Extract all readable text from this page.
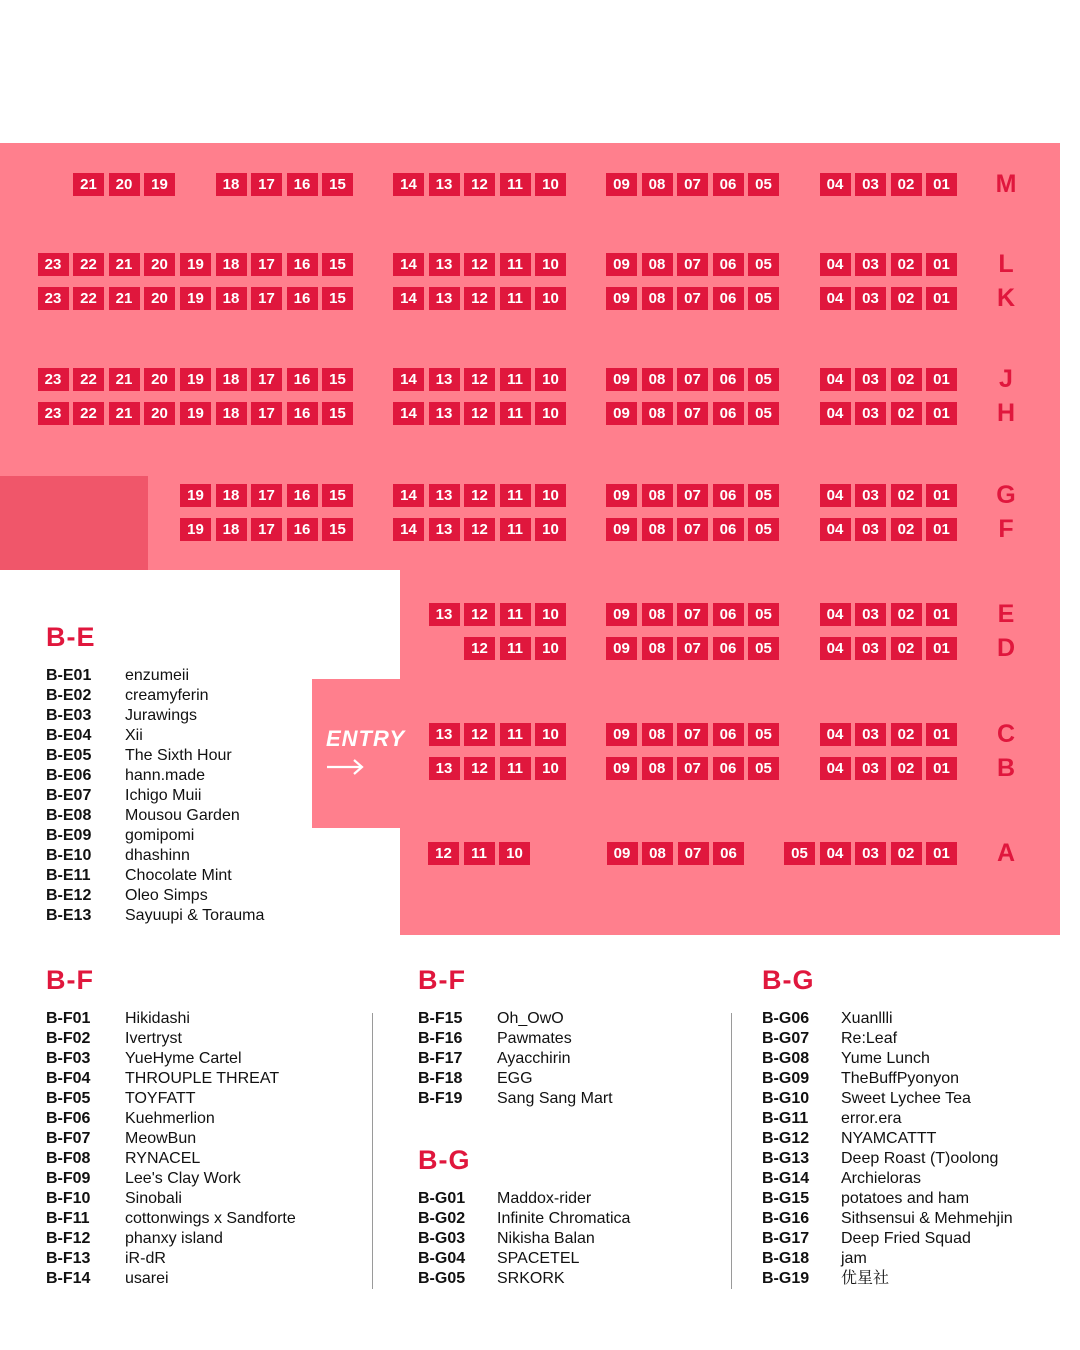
21	20	19	18	17	16	15	14	13	12	11	10	09	08	07	06	05	04	03	02	01	M
23	22	21	20	19	18	17	16	15	14	13	12	11	10	09	08	07	06	05	04	03	02	01	L
23	22	21	20	19	18	17	16	15	14	13	12	11	10	09	08	07	06	05	04	03	02	01	K
23	22	21	20	19	18	17	16	15	14	13	12	11	10	09	08	07	06	05	04	03	02	01	J
23	22	21	20	19	18	17	16	15	14	13	12	11	10	09	08	07	06	05	04	03	02	01	H
19	18	17	16	15	14	13	12	11	10	09	08	07	06	05	04	03	02	01	G
19	18	17	16	15	14	13	12	11	10	09	08	07	06	05	04	03	02	01	F
13	12	11	10	09	08	07	06	05	04	03	02	01	E
12	11	10	09	08	07	06	05	04	03	02	01	D
13	12	11	10	09	08	07	06	05	04	03	02	01	C
13	12	11	10	09	08	07	06	05	04	03	02	01	B
12	11	10	09	08	07	06	05	04	03	02	01	A
ENTRY
B-E
B-E01 enzumeii
B-E02 creamyferin
B-E03 Jurawings
B-E04 Xii
B-E05 The Sixth Hour
B-E06 hann.made
B-E07 Ichigo Muii
B-E08 Mousou Garden
B-E09 gomipomi
B-E10 dhashinn
B-E11 Chocolate Mint
B-E12 Oleo Simps
B-E13 Sayuupi & Torauma
B-F
B-F01 Hikidashi
B-F02 Ivertryst
B-F03 YueHyme Cartel
B-F04 THROUPLE THREAT
B-F05 TOYFATT
B-F06 Kuehmerlion
B-F07 MeowBun
B-F08 RYNACEL
B-F09 Lee's Clay Work
B-F10 Sinobali
B-F11 cottonwings x Sandforte
B-F12 phanxy island
B-F13 iR-dR
B-F14 usarei
B-F
B-F15 Oh_OwO
B-F16 Pawmates
B-F17 Ayacchirin
B-F18 EGG
B-F19 Sang Sang Mart
B-G
B-G01 Maddox-rider
B-G02 Infinite Chromatica
B-G03 Nikisha Balan
B-G04 SPACETEL
B-G05 SRKORK
B-G
B-G06 Xuanllli
B-G07 Re:Leaf
B-G08 Yume Lunch
B-G09 TheBuffPyonyon
B-G10 Sweet Lychee Tea
B-G11 error.era
B-G12 NYAMCATTT
B-G13 Deep Roast (T)oolong
B-G14 Archieloras
B-G15 potatoes and ham
B-G16 Sithsensui & Mehmehjin
B-G17 Deep Fried Squad
B-G18 jam
B-G19 优星社
